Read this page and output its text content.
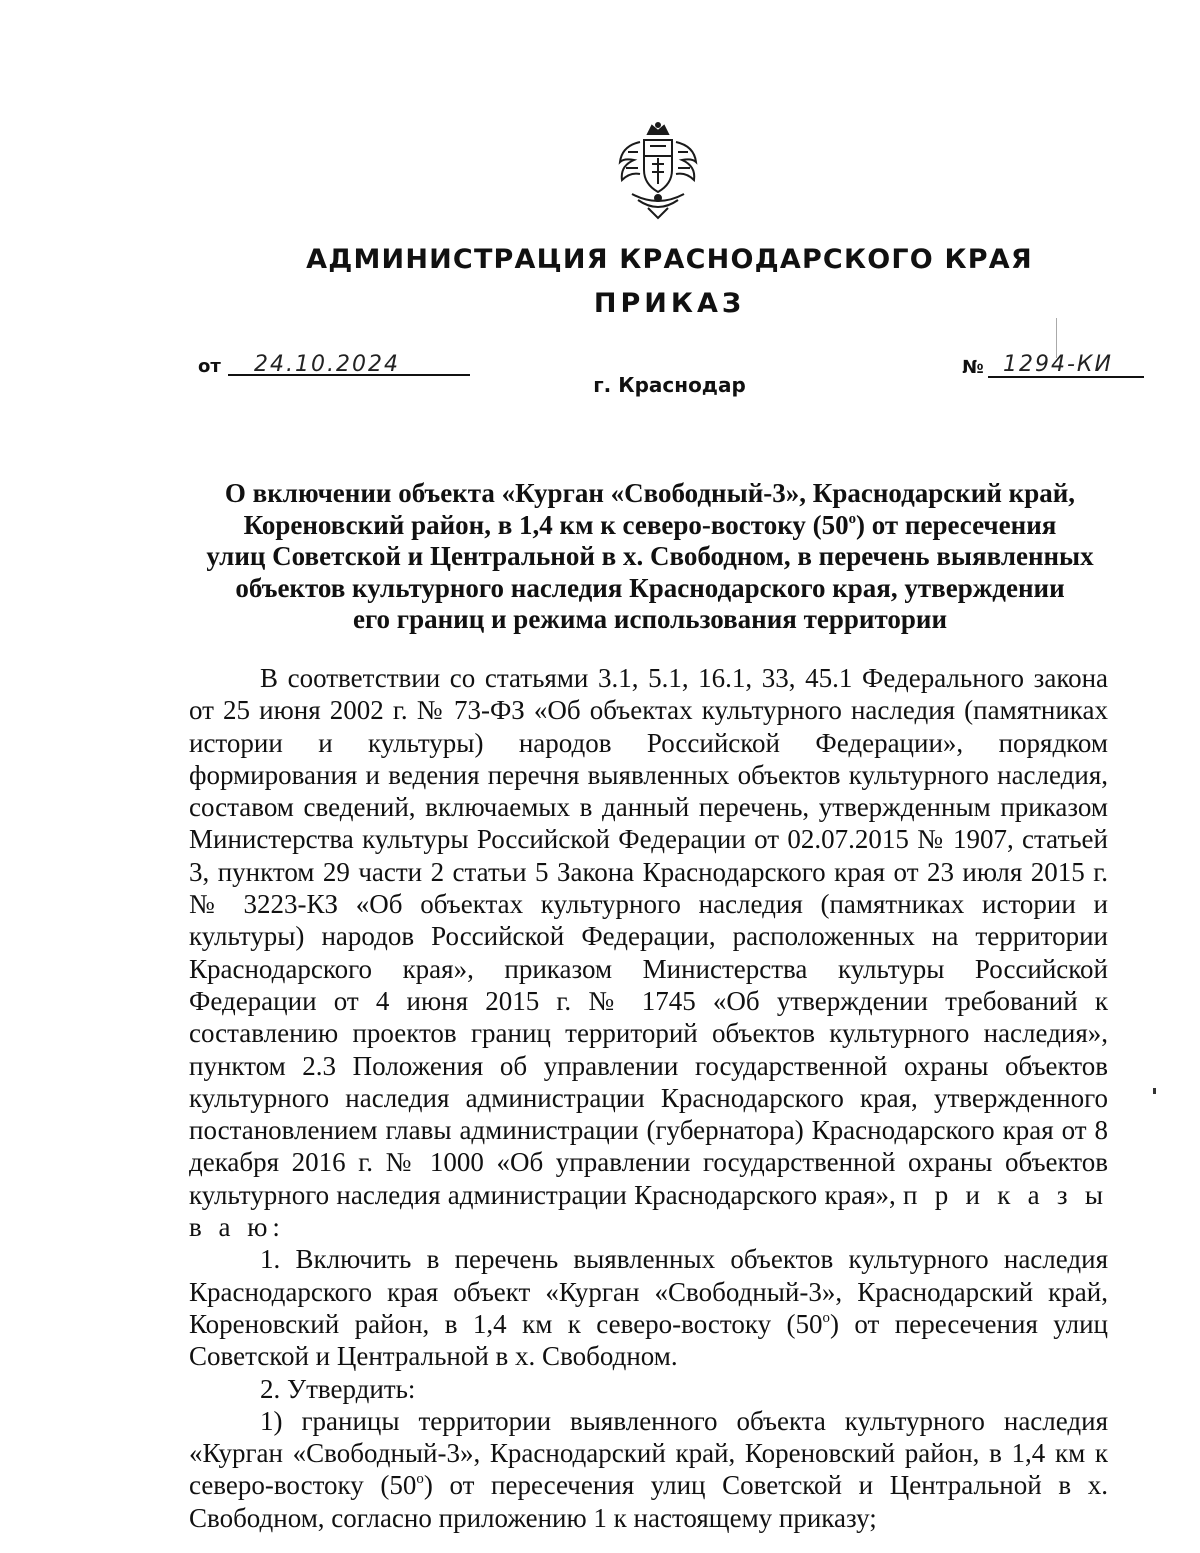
АДМИНИСТРАЦИЯ КРАСНОДАРСКОГО КРАЯ
ПРИКАЗ
от 24.10.2024	№ 1294-КИ
г. Краснодар
О включении объекта «Курган «Свободный-3», Краснодарский край,
Кореновский район, в 1,4 км к северо-востоку $(50^о)$ от пересечения
улиц Советской и Центральной в х. Свободном, в перечень выявленных
объектов культурного наследия Краснодарского края, утверждении
его границ и режима использования территории

В соответствии со статьями 3.1, 5.1, 16.1, 33, 45.1 Федерального закона от 25 июня 2002 г. № 73-ФЗ «Об объектах культурного наследия (памятниках истории и культуры) народов Российской Федерации», порядком формирования и ведения перечня выявленных объектов культурного наследия, составом сведений, включаемых в данный перечень, утвержденным приказом Министерства культуры Российской Федерации от 02.07.2015 № 1907, статьей 3, пунктом 29 части 2 статьи 5 Закона Краснодарского края от 23 июля 2015 г. № 3223-КЗ «Об объектах культурного наследия (памятниках истории и культуры) народов Российской Федерации, расположенных на территории Краснодарского края», приказом Министерства культуры Российской Федерации от 4 июня 2015 г. № 1745 «Об утверждении требований к составлению проектов границ территорий объектов культурного наследия», пунктом 2.3 Положения об управлении государственной охраны объектов культурного наследия администрации Краснодарского края, утвержденного постановлением главы администрации (губернатора) Краснодарского края от 8 декабря 2016 г. № 1000 «Об управлении государственной охраны объектов культурного наследия администрации Краснодарского края», п р и к а з ы в а ю:

1. Включить в перечень выявленных объектов культурного наследия Краснодарского края объект «Курган «Свободный-3», Краснодарский край, Кореновский район, в 1,4 км к северо-востоку $(50^о)$ от пересечения улиц Советской и Центральной в х. Свободном.

2. Утвердить:

1) границы территории выявленного объекта культурного наследия «Курган «Свободный-3», Краснодарский край, Кореновский район, в 1,4 км к северо-востоку $(50^о)$ от пересечения улиц Советской и Центральной в х. Свободном, согласно приложению 1 к настоящему приказу;
